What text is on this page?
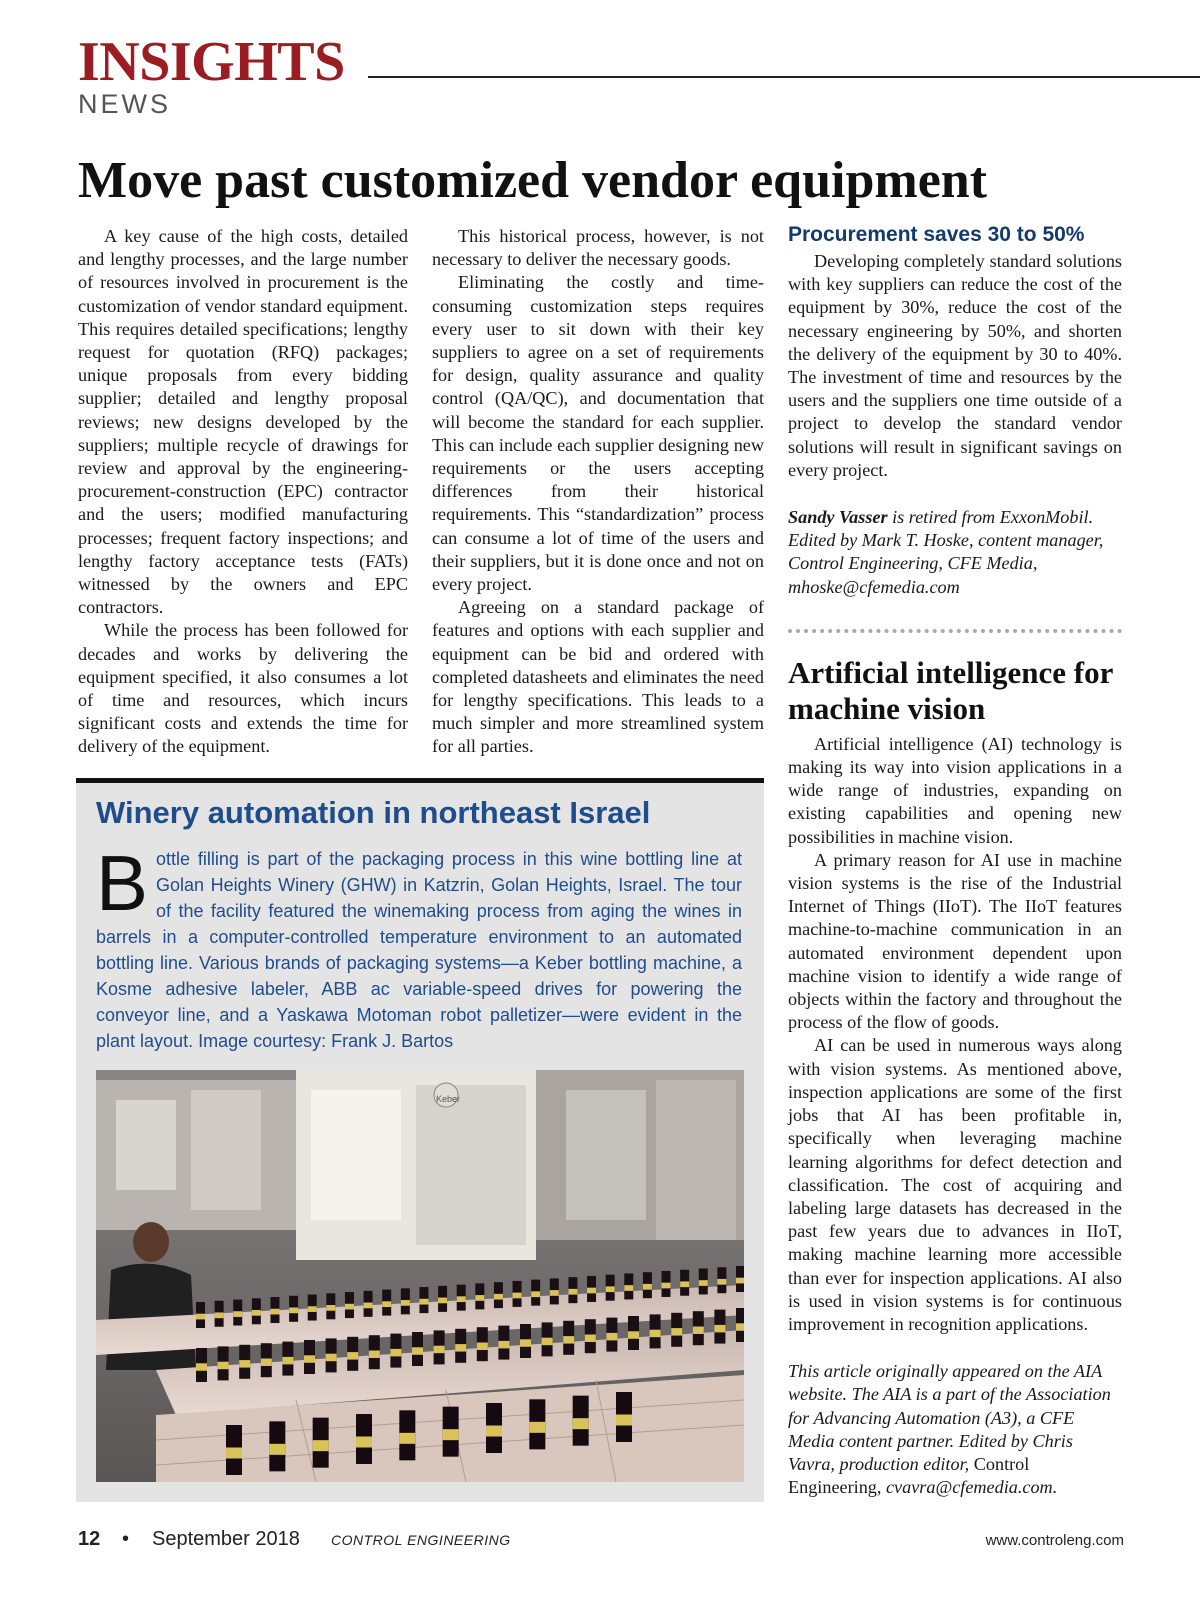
INSIGHTS
NEWS
Move past customized vendor equipment

A key cause of the high costs, detailed and lengthy processes, and the large number of resources involved in procurement is the customization of vendor standard equipment. This requires detailed specifications; lengthy request for quotation (RFQ) packages; unique proposals from every bidding supplier; detailed and lengthy proposal reviews; new designs developed by the suppliers; multiple recycle of drawings for review and approval by the engineering-procurement-construction (EPC) contractor and the users; modified manufacturing processes; frequent factory inspections; and lengthy factory acceptance tests (FATs) witnessed by the owners and EPC contractors.

While the process has been followed for decades and works by delivering the equipment specified, it also consumes a lot of time and resources, which incurs significant costs and extends the time for delivery of the equipment.

This historical process, however, is not necessary to deliver the necessary goods.

Eliminating the costly and time-consuming customization steps requires every user to sit down with their key suppliers to agree on a set of requirements for design, quality assurance and quality control (QA/QC), and documentation that will become the standard for each supplier. This can include each supplier designing new requirements or the users accepting differences from their historical requirements. This “standardization” process can consume a lot of time of the users and their suppliers, but it is done once and not on every project.

Agreeing on a standard package of features and options with each supplier and equipment can be bid and ordered with completed datasheets and eliminates the need for lengthy specifications. This leads to a much simpler and more streamlined system for all parties.

Procurement saves 30 to 50%

Developing completely standard solutions with key suppliers can reduce the cost of the equipment by 30%, reduce the cost of the necessary engineering by 50%, and shorten the delivery of the equipment by 30 to 40%. The investment of time and resources by the users and the suppliers one time outside of a project to develop the standard vendor solutions will result in significant savings on every project.

Sandy Vasser is retired from ExxonMobil. Edited by Mark T. Hoske, content manager, Control Engineering, CFE Media, mhoske@cfemedia.com
Artificial intelligence for machine vision

Artificial intelligence (AI) technology is making its way into vision applications in a wide range of industries, expanding on existing capabilities and opening new possibilities in machine vision.

A primary reason for AI use in machine vision systems is the rise of the Industrial Internet of Things (IIoT). The IIoT features machine-to-machine communication in an automated environment dependent upon machine vision to identify a wide range of objects within the factory and throughout the process of the flow of goods.

AI can be used in numerous ways along with vision systems. As mentioned above, inspection applications are some of the first jobs that AI has been profitable in, specifically when leveraging machine learning algorithms for defect detection and classification. The cost of acquiring and labeling large datasets has decreased in the past few years due to advances in IIoT, making machine learning more accessible than ever for inspection applications. AI also is used in vision systems is for continuous improvement in recognition applications.

This article originally appeared on the AIA website. The AIA is a part of the Association for Advancing Automation (A3), a CFE Media content partner. Edited by Chris Vavra, production editor, Control Engineering, cvavra@cfemedia.com.
Winery automation in northeast Israel
Bottle filling is part of the packaging process in this wine bottling line at Golan Heights Winery (GHW) in Katzrin, Golan Heights, Israel. The tour of the facility featured the winemaking process from aging the wines in barrels in a computer-controlled temperature environment to an automated bottling line. Various brands of packaging systems—a Keber bottling machine, a Kosme adhesive labeler, ABB ac variable-speed drives for powering the conveyor line, and a Yaskawa Motoman robot palletizer—were evident in the plant layout. Image courtesy: Frank J. Bartos
Keber
12 • September 2018 CONTROL ENGINEERING	www.controleng.com
